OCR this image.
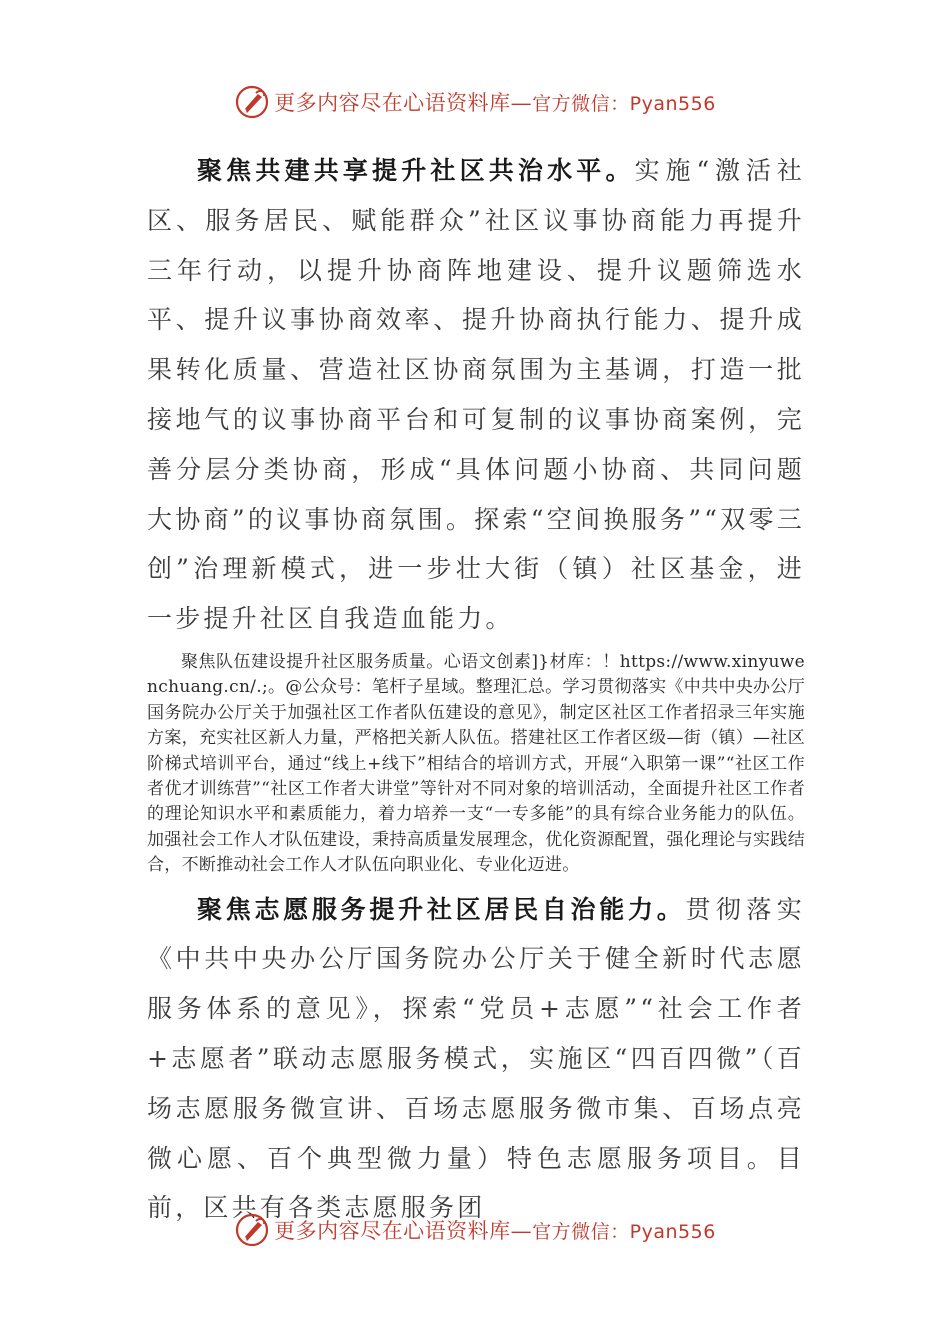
更多内容尽在心语资料库—官方微信：Pyan556

聚焦共建共享提升社区共治水平。实施“激活社区、服务居民、赋能群众”社区议事协商能力再提升三年行动，以提升协商阵地建设、提升议题筛选水平、提升议事协商效率、提升协商执行能力、提升成果转化质量、营造社区协商氛围为主基调，打造一批接地气的议事协商平台和可复制的议事协商案例，完善分层分类协商，形成“具体问题小协商、共同问题大协商”的议事协商氛围。探索“空间换服务”“双零三创”治理新模式，进一步壮大街（镇）社区基金，进一步提升社区自我造血能力。

聚焦队伍建设提升社区服务质量。心语文创素]}材库：！https://www.xinyuwenchuang.cn/.;。@公众号：笔杆子星域。整理汇总。学习贯彻落实《中共中央办公厅国务院办公厅关于加强社区工作者队伍建设的意见》，制定区社区工作者招录三年实施方案，充实社区新人力量，严格把关新人队伍。搭建社区工作者区级—街（镇）—社区阶梯式培训平台，通过“线上+线下”相结合的培训方式，开展“入职第一课”“社区工作者优才训练营”“社区工作者大讲堂”等针对不同对象的培训活动，全面提升社区工作者的理论知识水平和素质能力，着力培养一支“一专多能”的具有综合业务能力的队伍。加强社会工作人才队伍建设，秉持高质量发展理念，优化资源配置，强化理论与实践结合，不断推动社会工作人才队伍向职业化、专业化迈进。

聚焦志愿服务提升社区居民自治能力。贯彻落实《中共中央办公厅国务院办公厅关于健全新时代志愿服务体系的意见》，探索“党员+志愿”“社会工作者+志愿者”联动志愿服务模式，实施区“四百四微”（百场志愿服务微宣讲、百场志愿服务微市集、百场点亮微心愿、百个典型微力量）特色志愿服务项目。目前，区共有各类志愿服务团

更多内容尽在心语资料库—官方微信：Pyan556
